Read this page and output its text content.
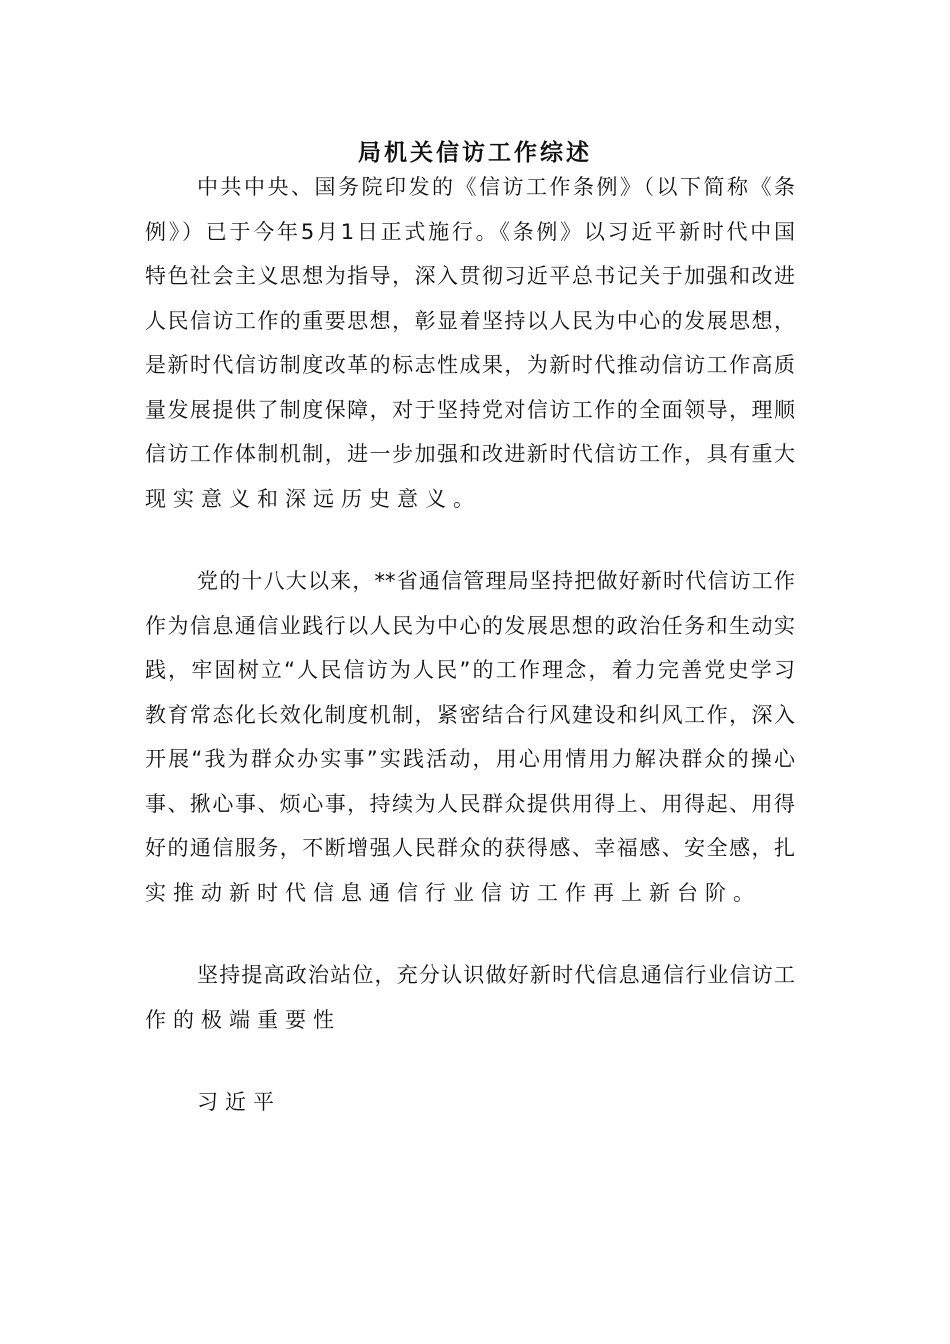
局机关信访工作综述
中共中央、国务院印发的《信访工作条例》（以下简称《条
例》）已于今年5月1日正式施行。《条例》以习近平新时代中国
特色社会主义思想为指导，深入贯彻习近平总书记关于加强和改进
人民信访工作的重要思想，彰显着坚持以人民为中心的发展思想，
是新时代信访制度改革的标志性成果，为新时代推动信访工作高质
量发展提供了制度保障，对于坚持党对信访工作的全面领导，理顺
信访工作体制机制，进一步加强和改进新时代信访工作，具有重大
现实意义和深远历史意义。
党的十八大以来，**省通信管理局坚持把做好新时代信访工作
作为信息通信业践行以人民为中心的发展思想的政治任务和生动实
践，牢固树立“人民信访为人民”的工作理念，着力完善党史学习
教育常态化长效化制度机制，紧密结合行风建设和纠风工作，深入
开展“我为群众办实事”实践活动，用心用情用力解决群众的操心
事、揪心事、烦心事，持续为人民群众提供用得上、用得起、用得
好的通信服务，不断增强人民群众的获得感、幸福感、安全感，扎
实推动新时代信息通信行业信访工作再上新台阶。
坚持提高政治站位，充分认识做好新时代信息通信行业信访工
作的极端重要性
习近平
